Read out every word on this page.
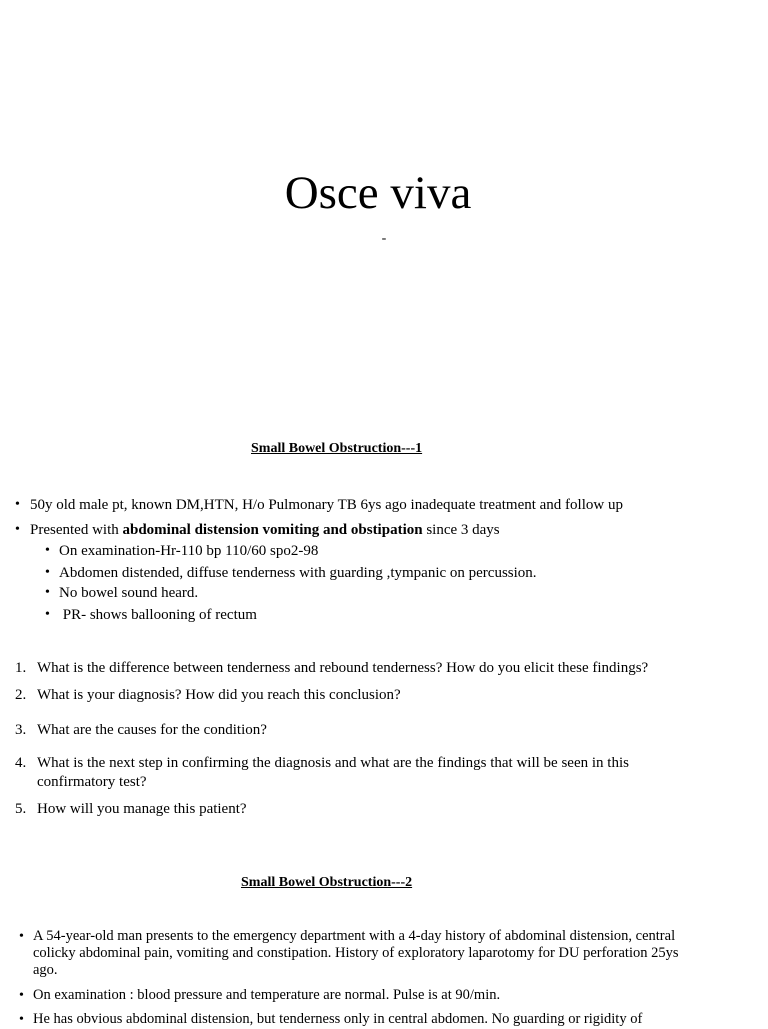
Osce viva
-
Small Bowel Obstruction---1
• 50y old male pt, known DM,HTN, H/o Pulmonary TB 6ys ago inadequate treatment and follow up
• Presented with abdominal distension vomiting and obstipation since 3 days
• On examination-Hr-110 bp 110/60 spo2-98
• Abdomen distended, diffuse tenderness with guarding ,tympanic on percussion.
• No bowel sound heard.
• PR- shows ballooning of rectum
1. What is the difference between tenderness and rebound tenderness? How do you elicit these findings?
2. What is your diagnosis? How did you reach this conclusion?
3. What are the causes for the condition?
4. What is the next step in confirming the diagnosis and what are the findings that will be seen in this
confirmatory test?
5. How will you manage this patient?
Small Bowel Obstruction---2
• A 54-year-old man presents to the emergency department with a 4-day history of abdominal distension, central
colicky abdominal pain, vomiting and constipation. History of exploratory laparotomy for DU perforation 25ys
ago.
• On examination : blood pressure and temperature are normal. Pulse is at 90/min.
• He has obvious abdominal distension, but tenderness only in central abdomen. No guarding or rigidity of
